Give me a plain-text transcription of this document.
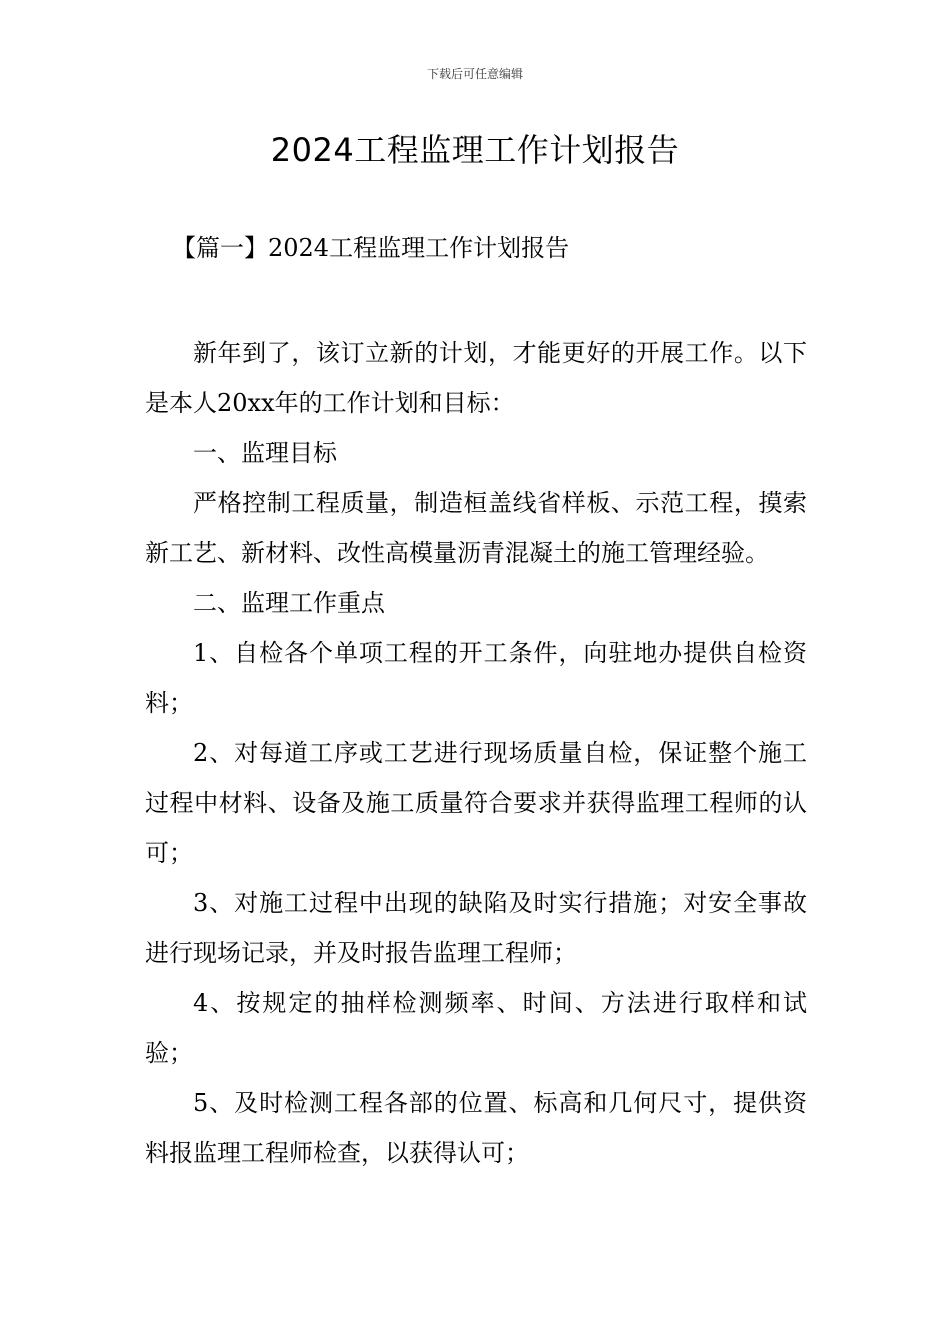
下载后可任意编辑
2024工程监理工作计划报告
【篇一】2024工程监理工作计划报告

新年到了，该订立新的计划，才能更好的开展工作。以下是本人20xx年的工作计划和目标：

一、监理目标

严格控制工程质量，制造桓盖线省样板、示范工程，摸索新工艺、新材料、改性高模量沥青混凝土的施工管理经验。

二、监理工作重点

1、自检各个单项工程的开工条件，向驻地办提供自检资料；

2、对每道工序或工艺进行现场质量自检，保证整个施工过程中材料、设备及施工质量符合要求并获得监理工程师的认可；

3、对施工过程中出现的缺陷及时实行措施；对安全事故进行现场记录，并及时报告监理工程师；

4、按规定的抽样检测频率、时间、方法进行取样和试验；

5、及时检测工程各部的位置、标高和几何尺寸，提供资料报监理工程师检查，以获得认可；
